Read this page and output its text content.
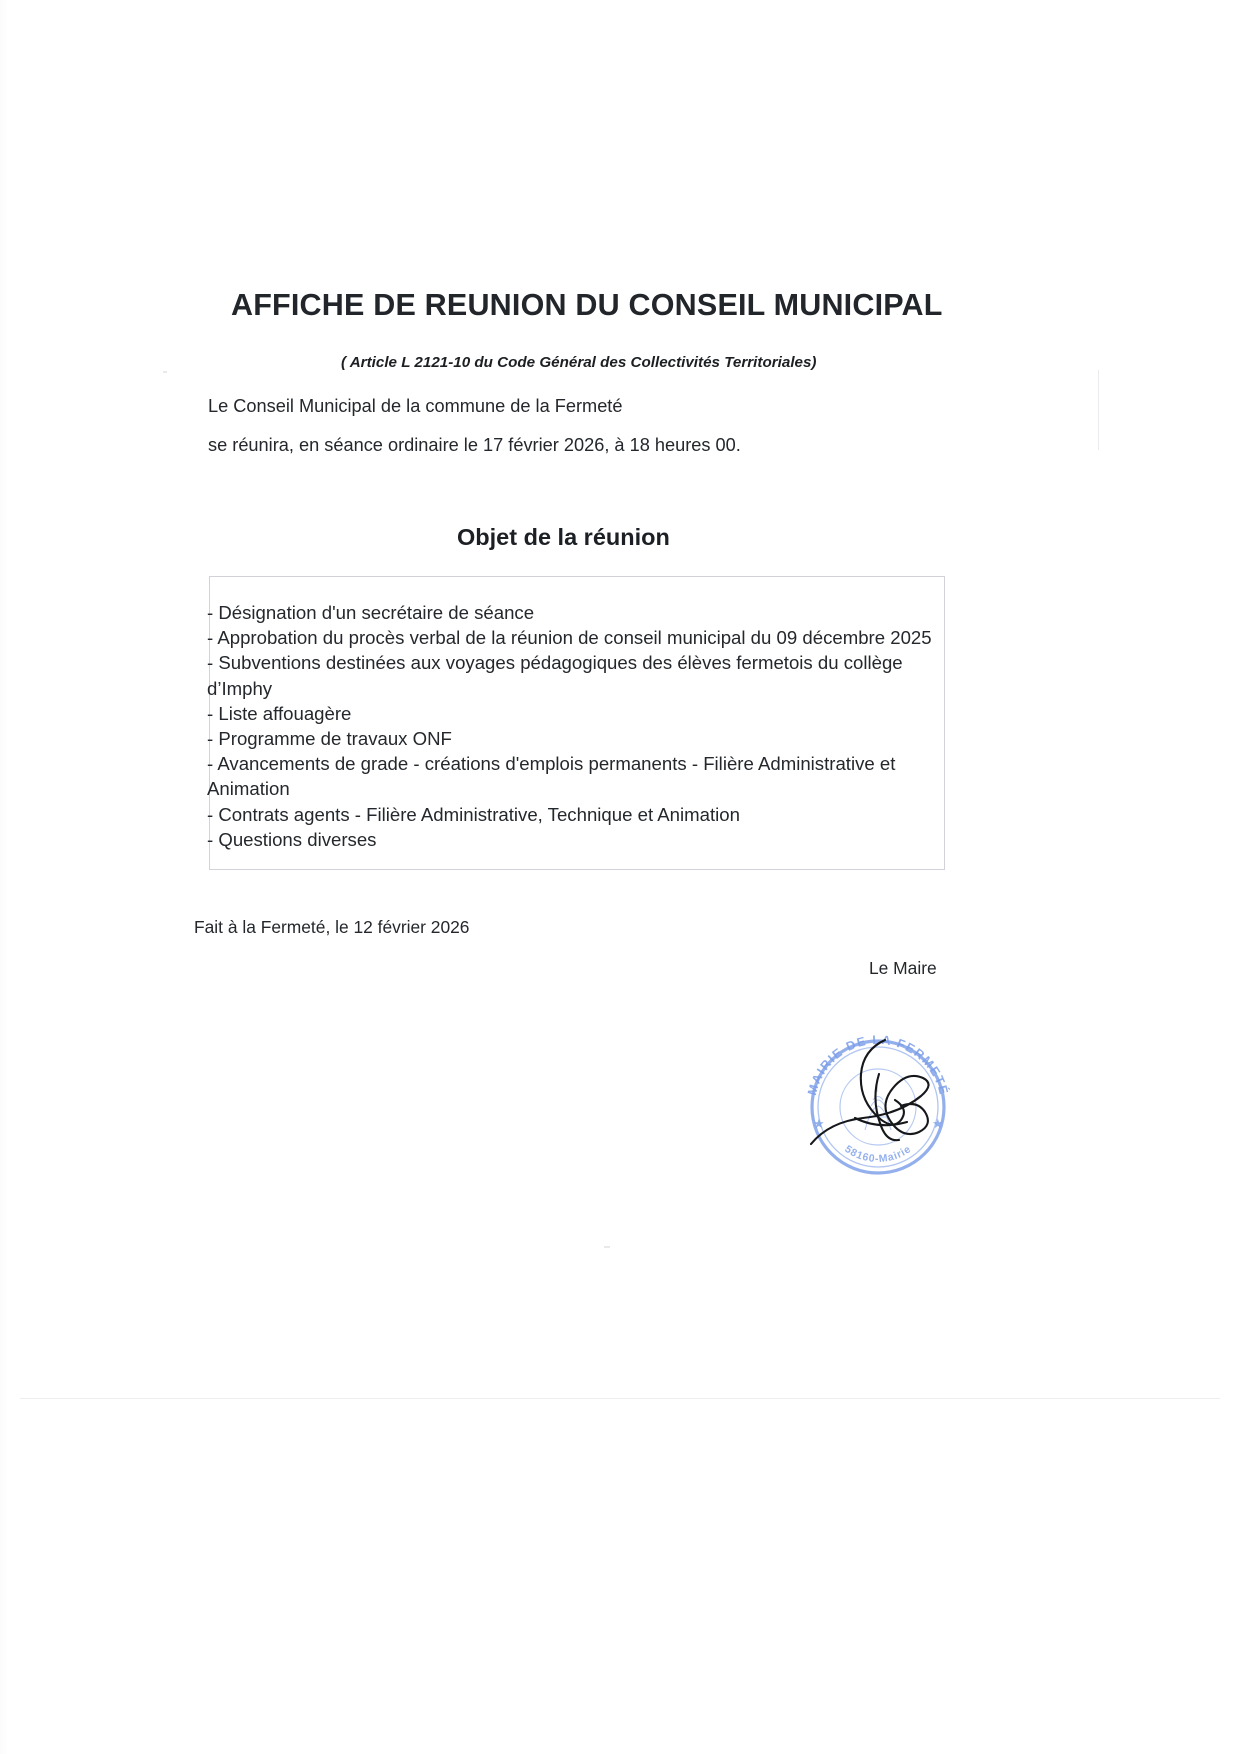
AFFICHE DE REUNION DU CONSEIL MUNICIPAL
( Article L 2121-10 du Code Général des Collectivités Territoriales)
Le Conseil Municipal de la commune de la Fermeté
se réunira, en séance ordinaire le 17 février 2026, à 18 heures 00.
Objet de la réunion
- Désignation d'un secrétaire de séance
- Approbation du procès verbal de la réunion de conseil municipal du 09 décembre 2025
- Subventions destinées aux voyages pédagogiques des élèves fermetois du collège d’Imphy
- Liste affouagère
- Programme de travaux ONF
- Avancements de grade - créations d'emplois permanents - Filière Administrative et Animation
- Contrats agents - Filière Administrative, Technique et Animation
- Questions diverses
Fait à la Fermeté, le 12 février 2026
Le Maire
MAIRIE DE LA FERMETÉ
58160-Mairie
★	★
